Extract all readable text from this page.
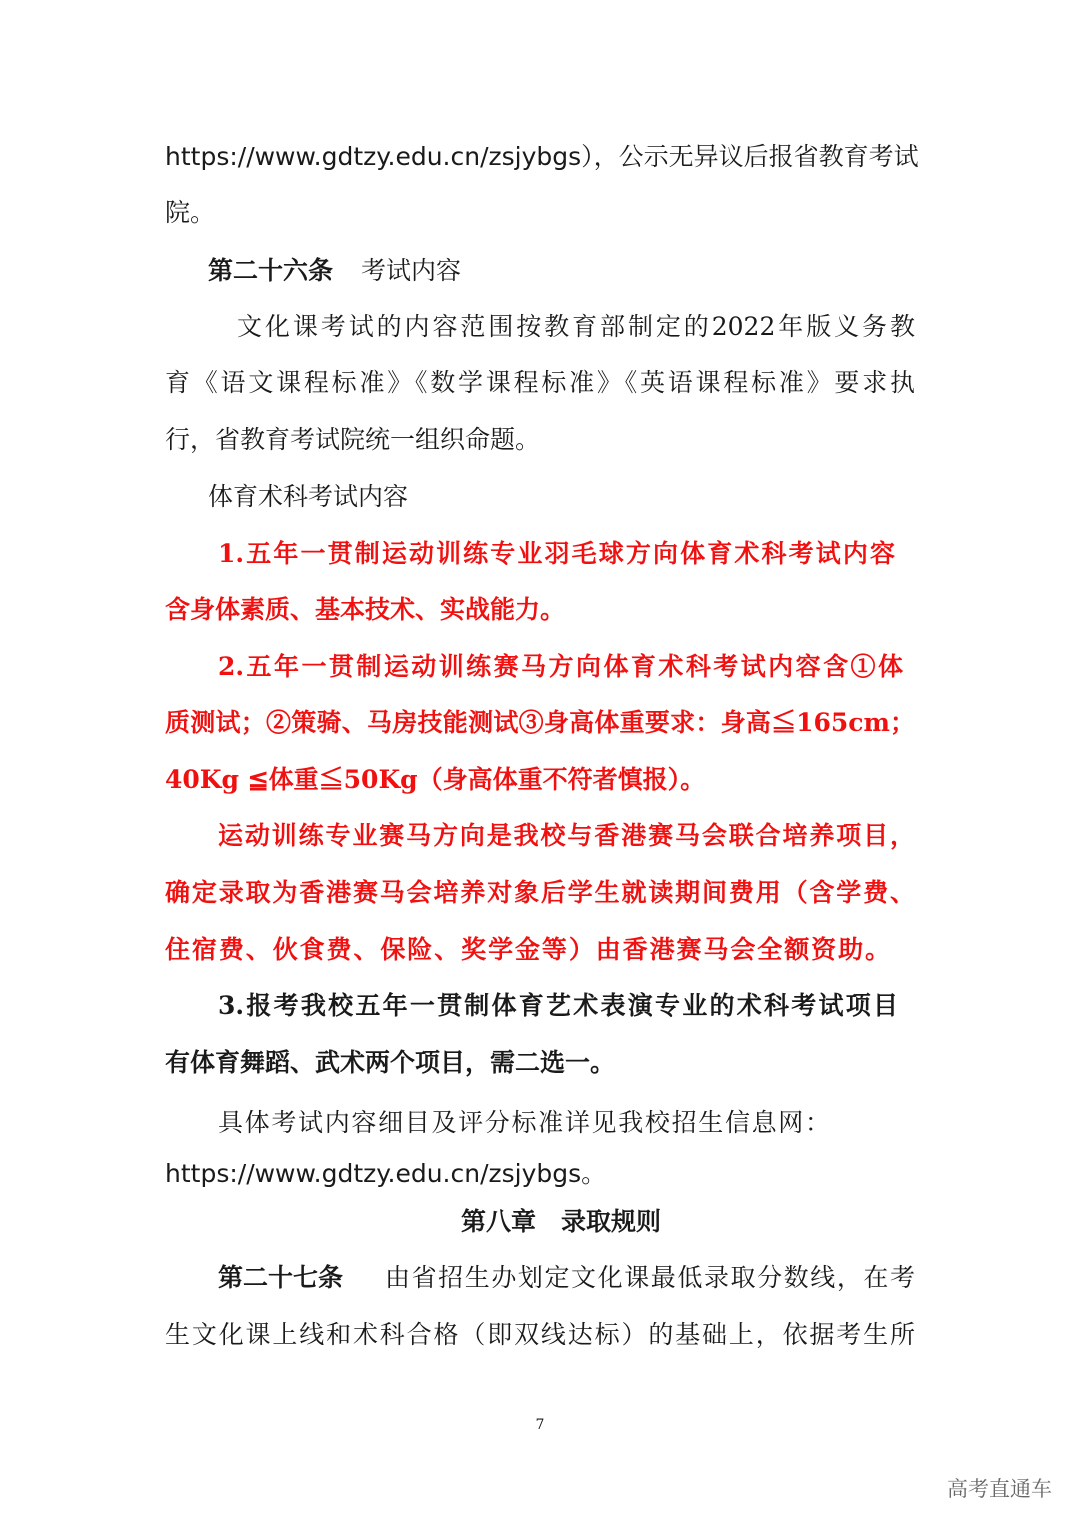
https://www.gdtzy.edu.cn/zsjybgs），公示无异议后报省教育考试
院。
第二十六条 考试内容
文化课考试的内容范围按教育部制定的2022年版义务教
育《语文课程标准》《数学课程标准》《英语课程标准》要求执
行，省教育考试院统一组织命题。
体育术科考试内容
1.五年一贯制运动训练专业羽毛球方向体育术科考试内容
含身体素质、基本技术、实战能力。
2.五年一贯制运动训练赛马方向体育术科考试内容含①体
质测试；②策骑、马房技能测试③身高体重要求：身高≦165cm；
40Kg ≦体重≦50Kg（身高体重不符者慎报）。
运动训练专业赛马方向是我校与香港赛马会联合培养项目，
确定录取为香港赛马会培养对象后学生就读期间费用（含学费、
住宿费、伙食费、保险、奖学金等）由香港赛马会全额资助。
3.报考我校五年一贯制体育艺术表演专业的术科考试项目
有体育舞蹈、武术两个项目，需二选一。
具体考试内容细目及评分标准详见我校招生信息网：
https://www.gdtzy.edu.cn/zsjybgs。
第八章　录取规则
第二十七条 由省招生办划定文化课最低录取分数线，在考
生文化课上线和术科合格（即双线达标）的基础上，依据考生所
7
高考直通车
